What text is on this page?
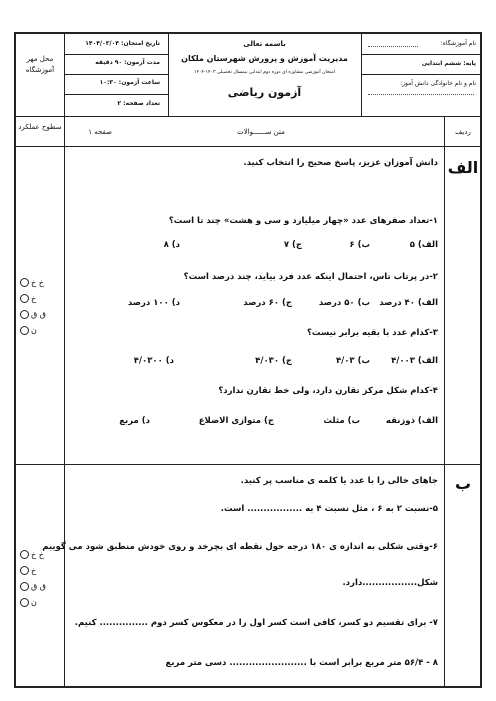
نام آموزشگاه:
پایه: ششم ابتدایی
نام و نام خانوادگی دانش آموز:
باسمه تعالی
مدیریت آموزش و پرورش شهرستان ملکان
امتحان آموزشی مشاوره ای دوره دوم ابتدایی نیمسال تحصیلی ۱۴۰۳-۱۴۰۴
آزمون ریاضی
تاریخ امتحان: ۱۴۰۴/۰۳/۰۴
مدت آزمون: ۹۰ دقیقه
ساعت آزمون: ۱۰:۳۰
تعداد صفحه: ۲
محل مهر آموزشگاه
ردیف
متن ســــــوالات
صفحه ۱
سطوح عملکرد
الف
دانش آموزان عزیز، پاسخ صحیح را انتخاب کنید.
۱-تعداد صفرهای عدد «چهار میلیارد و سی و هشت» چند تا است؟
الف) ۵
ب) ۶
ج) ۷
د) ۸
۲-در پرتاب تاس، احتمال اینکه عدد فرد بیاید، چند درصد است؟
الف) ۴۰ درصد
ب) ۵۰ درصد
ج) ۶۰ درصد
د) ۱۰۰ درصد
۳-کدام عدد با بقیه برابر نیست؟
الف) ۴/۰۰۳
ب) ۴/۰۳
ج) ۴/۰۳۰
د) ۴/۰۳۰۰
۴-کدام شکل مرکز تقارن دارد، ولی خط تقارن ندارد؟
الف) ذوزنقه
ب) مثلث
ج) متوازی الاضلاع
د) مربع
خ خ
خ
ق ق
ن
ب
جاهای خالی را با عدد یا کلمه ی مناسب پر کنید.
۵-نسبت ۲ به ۶ ، مثل نسبت ۴ به ................. است.
۶-وقتی شکلی به اندازه ی ۱۸۰ درجه حول نقطه ای بچرخد و روی خودش منطبق شود می گوییم
شکل.................دارد.
۷- برای تقسیم دو کسر، کافی است کسر اول را در معکوس کسر دوم ............... کنیم.
۸ - ۵۶/۴ متر مربع برابر است با ........................ دسی متر مربع
خ خ
خ
ق ق
ن
